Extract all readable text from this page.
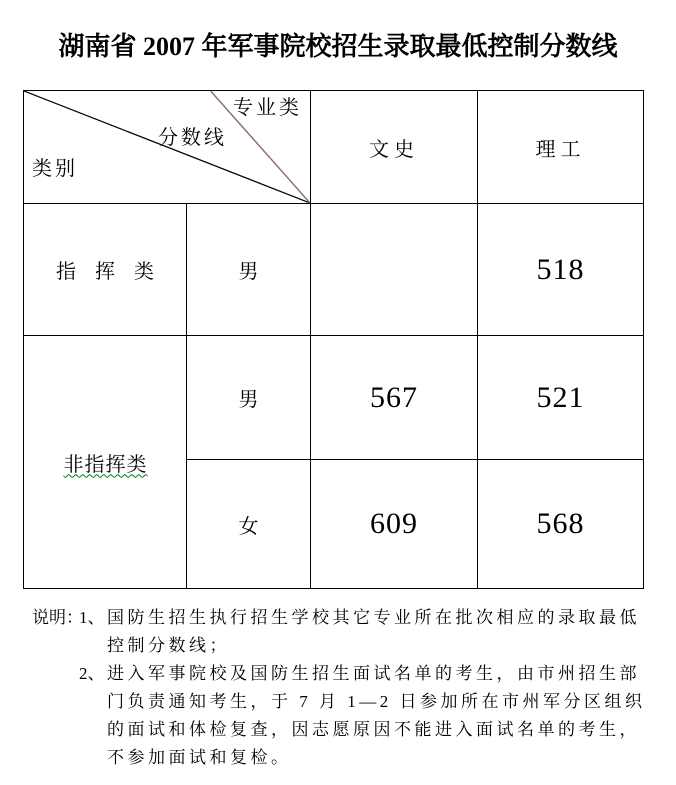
湖南省 2007 年军事院校招生录取最低控制分数线
专业类
分数线
类别		文史	理工
指挥类	男		518
非指挥类	男	567	521
	女	609	568
说明：
1、 国防生招生执行招生学校其它专业所在批次相应的录取最低
控制分数线；
2、 进入军事院校及国防生招生面试名单的考生，由市州招生部
门负责通知考生，于 7 月 1—2 日参加所在市州军分区组织
的面试和体检复查，因志愿原因不能进入面试名单的考生，
不参加面试和复检。
